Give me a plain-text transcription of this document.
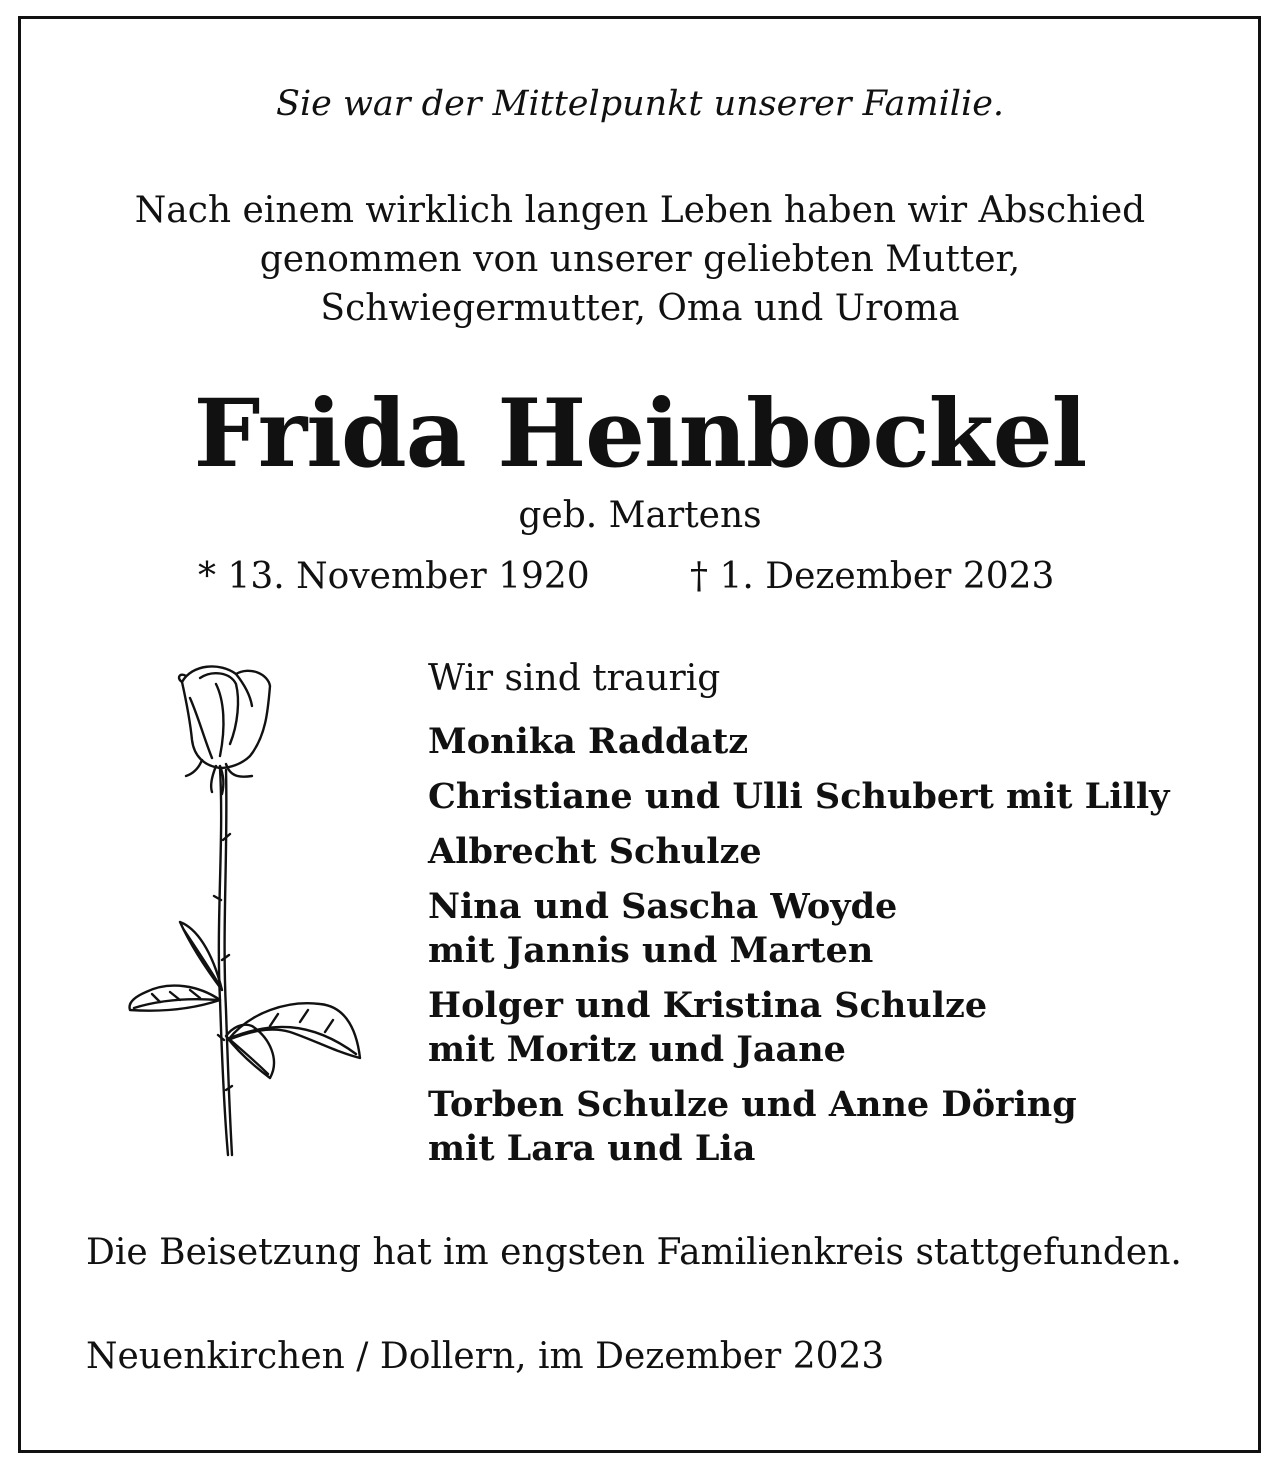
Sie war der Mittelpunkt unserer Familie.
Nach einem wirklich langen Leben haben wir Abschied
genommen von unserer geliebten Mutter,
Schwiegermutter, Oma und Uroma
Frida Heinbockel
geb. Martens
* 13. November 1920	† 1. Dezember 2023
Wir sind traurig
Monika Raddatz
Christiane und Ulli Schubert mit Lilly
Albrecht Schulze
Nina und Sascha Woyde
mit Jannis und Marten
Holger und Kristina Schulze
mit Moritz und Jaane
Torben Schulze und Anne Döring
mit Lara und Lia
Die Beisetzung hat im engsten Familienkreis stattgefunden.
Neuenkirchen / Dollern, im Dezember 2023
